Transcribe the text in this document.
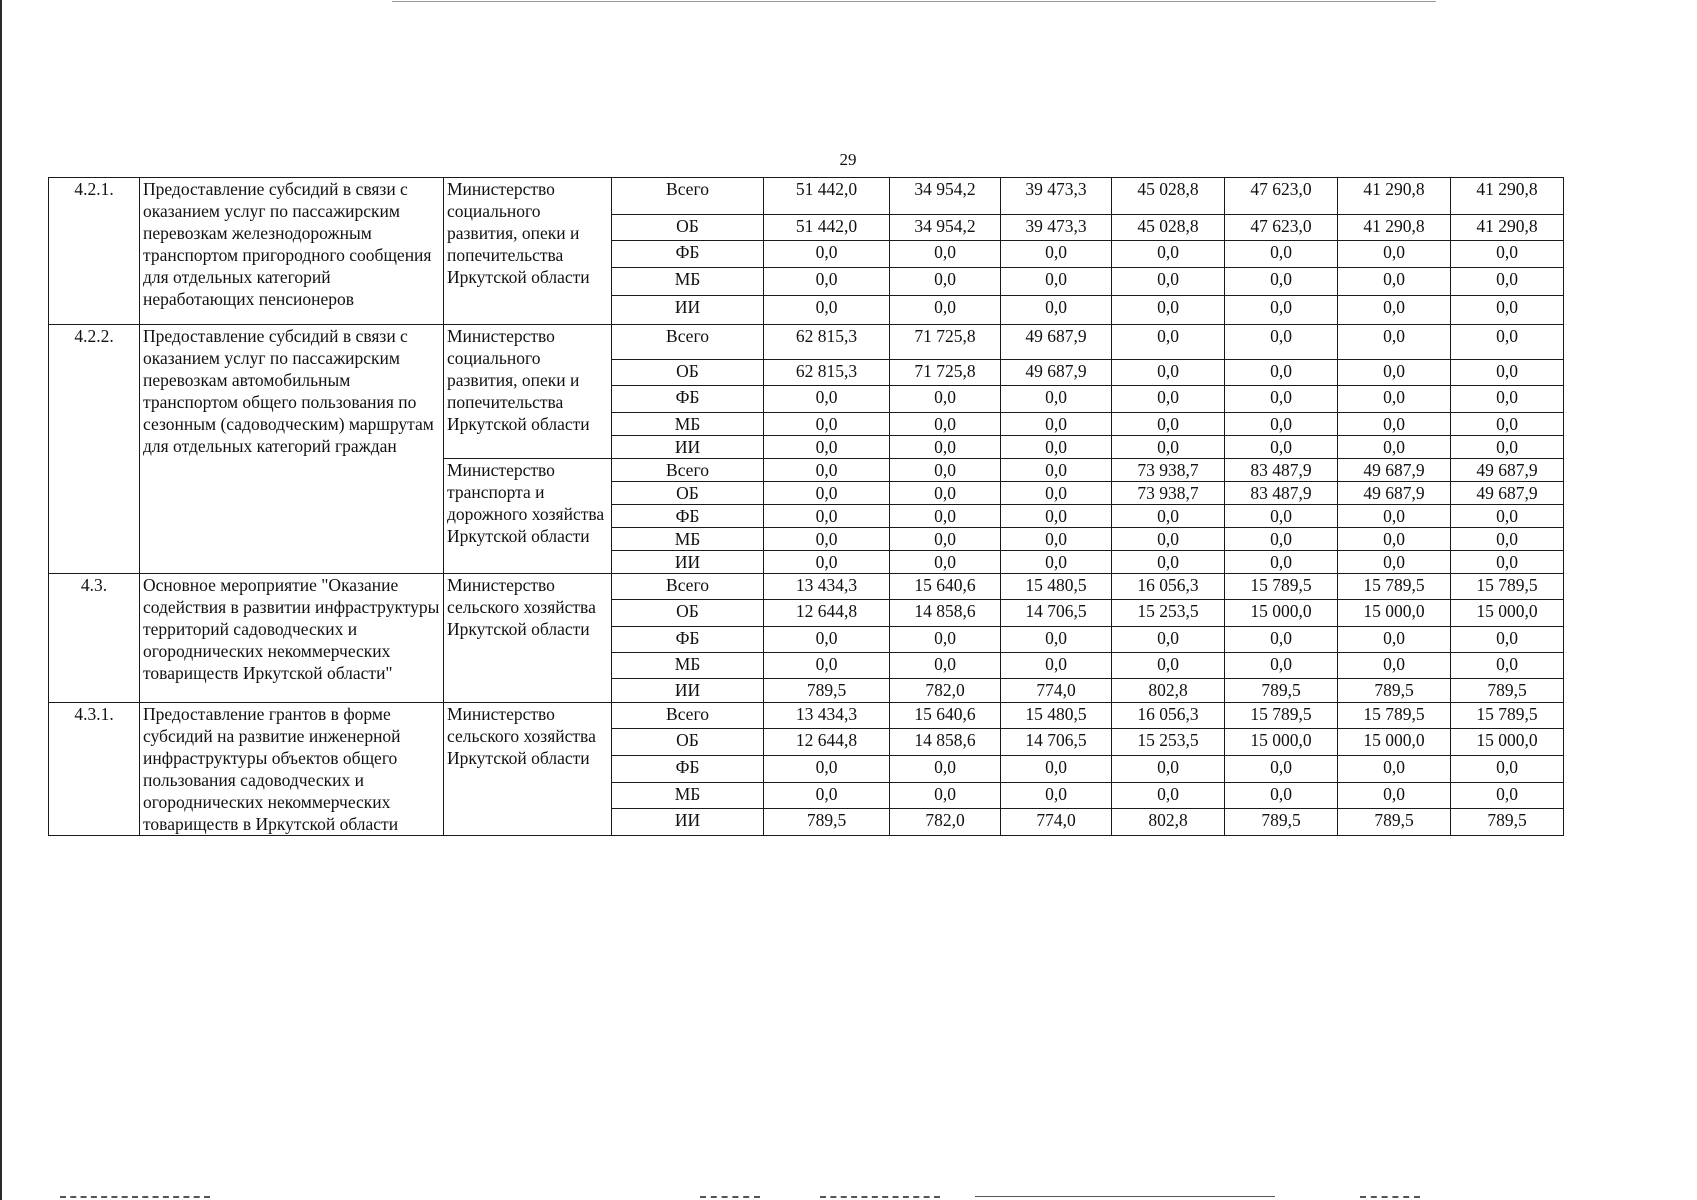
29
4.2.1.	Предоставление субсидий в связи с оказанием услуг по пассажирским перевозкам железнодорожным транспортом пригородного сообщения для отдельных категорий неработающих пенсионеров	Министерство социального развития, опеки и попечительства Иркутской области	Всего	51 442,0	34 954,2	39 473,3	45 028,8	47 623,0	41 290,8	41 290,8
			ОБ	51 442,0	34 954,2	39 473,3	45 028,8	47 623,0	41 290,8	41 290,8
			ФБ	0,0	0,0	0,0	0,0	0,0	0,0	0,0
			МБ	0,0	0,0	0,0	0,0	0,0	0,0	0,0
			ИИ	0,0	0,0	0,0	0,0	0,0	0,0	0,0
4.2.2.	Предоставление субсидий в связи с оказанием услуг по пассажирским перевозкам автомобильным транспортом общего пользования по сезонным (садоводческим) маршрутам для отдельных категорий граждан	Министерство социального развития, опеки и попечительства Иркутской области	Всего	62 815,3	71 725,8	49 687,9	0,0	0,0	0,0	0,0
			ОБ	62 815,3	71 725,8	49 687,9	0,0	0,0	0,0	0,0
			ФБ	0,0	0,0	0,0	0,0	0,0	0,0	0,0
			МБ	0,0	0,0	0,0	0,0	0,0	0,0	0,0
			ИИ	0,0	0,0	0,0	0,0	0,0	0,0	0,0
		Министерство транспорта и дорожного хозяйства Иркутской области	Всего	0,0	0,0	0,0	73 938,7	83 487,9	49 687,9	49 687,9
			ОБ	0,0	0,0	0,0	73 938,7	83 487,9	49 687,9	49 687,9
			ФБ	0,0	0,0	0,0	0,0	0,0	0,0	0,0
			МБ	0,0	0,0	0,0	0,0	0,0	0,0	0,0
			ИИ	0,0	0,0	0,0	0,0	0,0	0,0	0,0
4.3.	Основное мероприятие "Оказание содействия в развитии инфраструктуры территорий садоводческих и огороднических некоммерческих товариществ Иркутской области"	Министерство сельского хозяйства Иркутской области	Всего	13 434,3	15 640,6	15 480,5	16 056,3	15 789,5	15 789,5	15 789,5
			ОБ	12 644,8	14 858,6	14 706,5	15 253,5	15 000,0	15 000,0	15 000,0
			ФБ	0,0	0,0	0,0	0,0	0,0	0,0	0,0
			МБ	0,0	0,0	0,0	0,0	0,0	0,0	0,0
			ИИ	789,5	782,0	774,0	802,8	789,5	789,5	789,5
4.3.1.	Предоставление грантов в форме субсидий на развитие инженерной инфраструктуры объектов общего пользования садоводческих и огороднических некоммерческих товариществ в Иркутской области	Министерство сельского хозяйства Иркутской области	Всего	13 434,3	15 640,6	15 480,5	16 056,3	15 789,5	15 789,5	15 789,5
			ОБ	12 644,8	14 858,6	14 706,5	15 253,5	15 000,0	15 000,0	15 000,0
			ФБ	0,0	0,0	0,0	0,0	0,0	0,0	0,0
			МБ	0,0	0,0	0,0	0,0	0,0	0,0	0,0
			ИИ	789,5	782,0	774,0	802,8	789,5	789,5	789,5
